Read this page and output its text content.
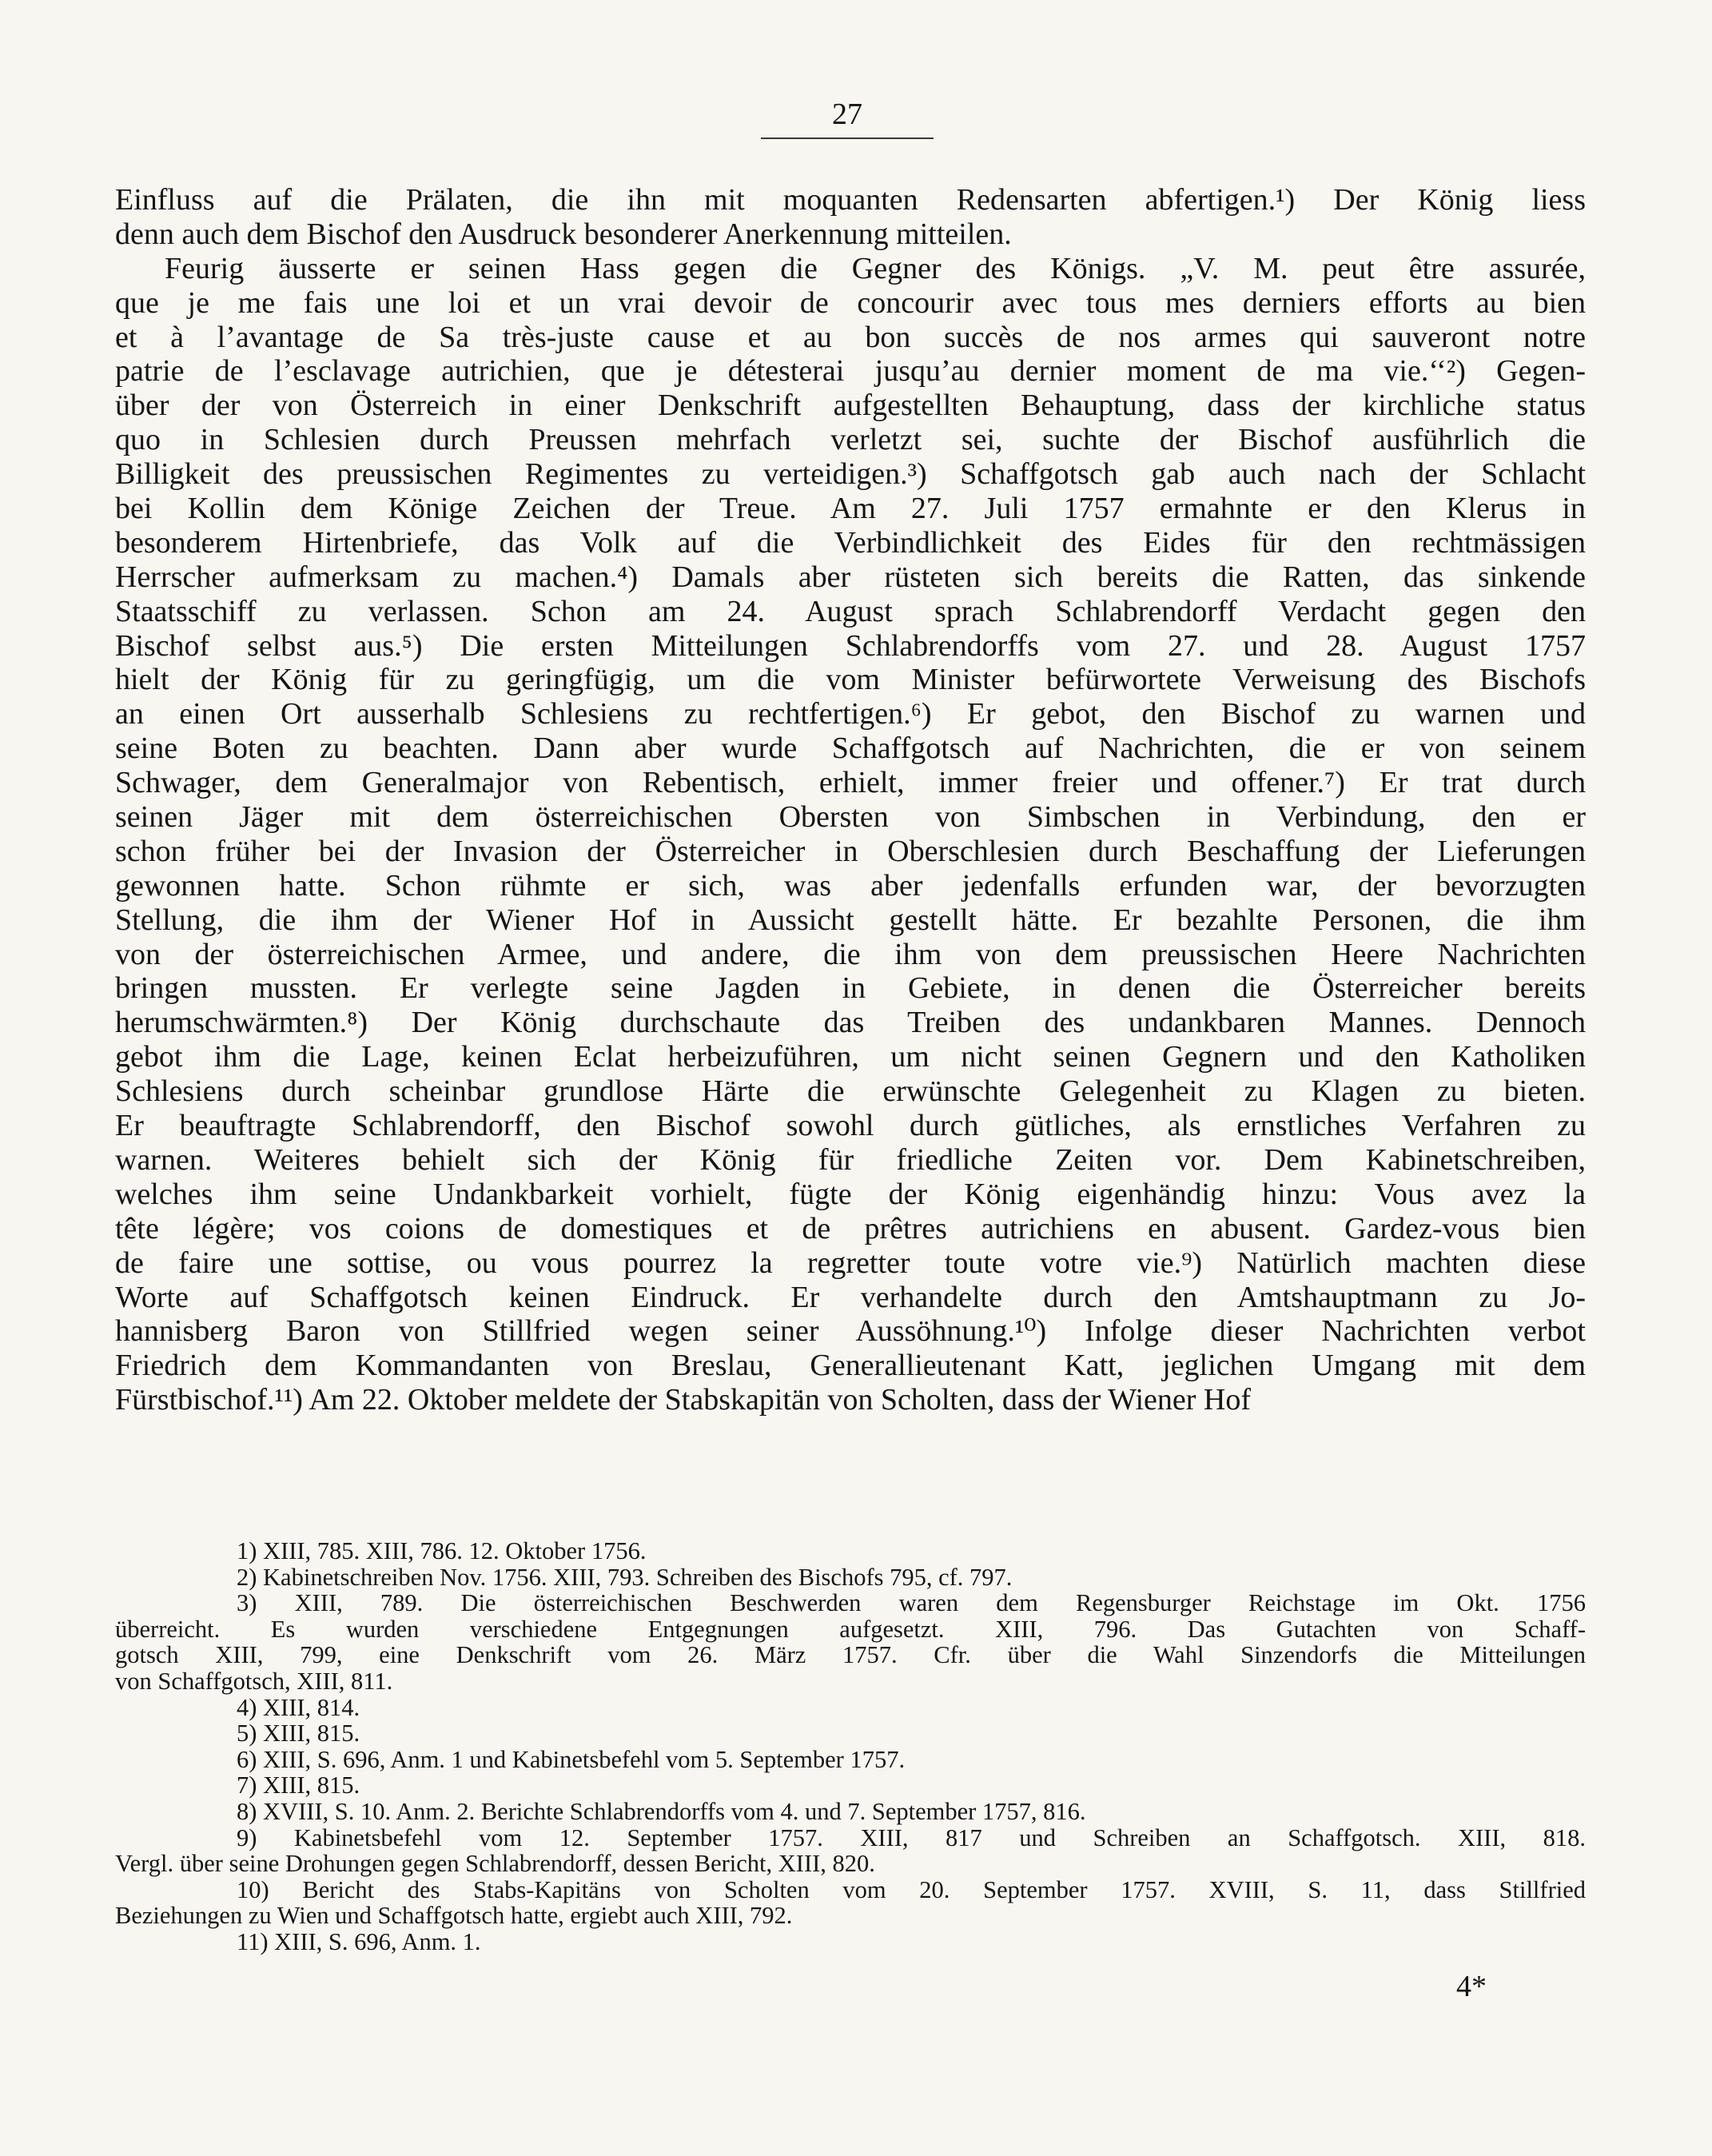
27
Einfluss auf die Prälaten, die ihn mit moquanten Redensarten abfertigen.¹) Der König liess
denn auch dem Bischof den Ausdruck besonderer Anerkennung mitteilen.
Feurig äusserte er seinen Hass gegen die Gegner des Königs. „V. M. peut être assurée,
que je me fais une loi et un vrai devoir de concourir avec tous mes derniers efforts au bien
et à l’avantage de Sa très-juste cause et au bon succès de nos armes qui sauveront notre
patrie de l’esclavage autrichien, que je détesterai jusqu’au dernier moment de ma vie.‘‘²) Gegen-
über der von Österreich in einer Denkschrift aufgestellten Behauptung, dass der kirchliche status
quo in Schlesien durch Preussen mehrfach verletzt sei, suchte der Bischof ausführlich die
Billigkeit des preussischen Regimentes zu verteidigen.³) Schaffgotsch gab auch nach der Schlacht
bei Kollin dem Könige Zeichen der Treue. Am 27. Juli 1757 ermahnte er den Klerus in
besonderem Hirtenbriefe, das Volk auf die Verbindlichkeit des Eides für den rechtmässigen
Herrscher aufmerksam zu machen.⁴) Damals aber rüsteten sich bereits die Ratten, das sinkende
Staatsschiff zu verlassen. Schon am 24. August sprach Schlabrendorff Verdacht gegen den
Bischof selbst aus.⁵) Die ersten Mitteilungen Schlabrendorffs vom 27. und 28. August 1757
hielt der König für zu geringfügig, um die vom Minister befürwortete Verweisung des Bischofs
an einen Ort ausserhalb Schlesiens zu rechtfertigen.⁶) Er gebot, den Bischof zu warnen und
seine Boten zu beachten. Dann aber wurde Schaffgotsch auf Nachrichten, die er von seinem
Schwager, dem Generalmajor von Rebentisch, erhielt, immer freier und offener.⁷) Er trat durch
seinen Jäger mit dem österreichischen Obersten von Simbschen in Verbindung, den er
schon früher bei der Invasion der Österreicher in Oberschlesien durch Beschaffung der Lieferungen
gewonnen hatte. Schon rühmte er sich, was aber jedenfalls erfunden war, der bevorzugten
Stellung, die ihm der Wiener Hof in Aussicht gestellt hätte. Er bezahlte Personen, die ihm
von der österreichischen Armee, und andere, die ihm von dem preussischen Heere Nachrichten
bringen mussten. Er verlegte seine Jagden in Gebiete, in denen die Österreicher bereits
herumschwärmten.⁸) Der König durchschaute das Treiben des undankbaren Mannes. Dennoch
gebot ihm die Lage, keinen Eclat herbeizuführen, um nicht seinen Gegnern und den Katholiken
Schlesiens durch scheinbar grundlose Härte die erwünschte Gelegenheit zu Klagen zu bieten.
Er beauftragte Schlabrendorff, den Bischof sowohl durch gütliches, als ernstliches Verfahren zu
warnen. Weiteres behielt sich der König für friedliche Zeiten vor. Dem Kabinetschreiben,
welches ihm seine Undankbarkeit vorhielt, fügte der König eigenhändig hinzu: Vous avez la
tête légère; vos coions de domestiques et de prêtres autrichiens en abusent. Gardez-vous bien
de faire une sottise, ou vous pourrez la regretter toute votre vie.⁹) Natürlich machten diese
Worte auf Schaffgotsch keinen Eindruck. Er verhandelte durch den Amtshauptmann zu Jo-
hannisberg Baron von Stillfried wegen seiner Aussöhnung.¹⁰) Infolge dieser Nachrichten verbot
Friedrich dem Kommandanten von Breslau, Generallieutenant Katt, jeglichen Umgang mit dem
Fürstbischof.¹¹) Am 22. Oktober meldete der Stabskapitän von Scholten, dass der Wiener Hof
1) XIII, 785. XIII, 786. 12. Oktober 1756.
2) Kabinetschreiben Nov. 1756. XIII, 793. Schreiben des Bischofs 795, cf. 797.
3) XIII, 789. Die österreichischen Beschwerden waren dem Regensburger Reichstage im Okt. 1756
überreicht. Es wurden verschiedene Entgegnungen aufgesetzt. XIII, 796. Das Gutachten von Schaff-
gotsch XIII, 799, eine Denkschrift vom 26. März 1757. Cfr. über die Wahl Sinzendorfs die Mitteilungen
von Schaffgotsch, XIII, 811.
4) XIII, 814.
5) XIII, 815.
6) XIII, S. 696, Anm. 1 und Kabinetsbefehl vom 5. September 1757.
7) XIII, 815.
8) XVIII, S. 10. Anm. 2. Berichte Schlabrendorffs vom 4. und 7. September 1757, 816.
9) Kabinetsbefehl vom 12. September 1757. XIII, 817 und Schreiben an Schaffgotsch. XIII, 818.
Vergl. über seine Drohungen gegen Schlabrendorff, dessen Bericht, XIII, 820.
10) Bericht des Stabs-Kapitäns von Scholten vom 20. September 1757. XVIII, S. 11, dass Stillfried
Beziehungen zu Wien und Schaffgotsch hatte, ergiebt auch XIII, 792.
11) XIII, S. 696, Anm. 1.
4*
